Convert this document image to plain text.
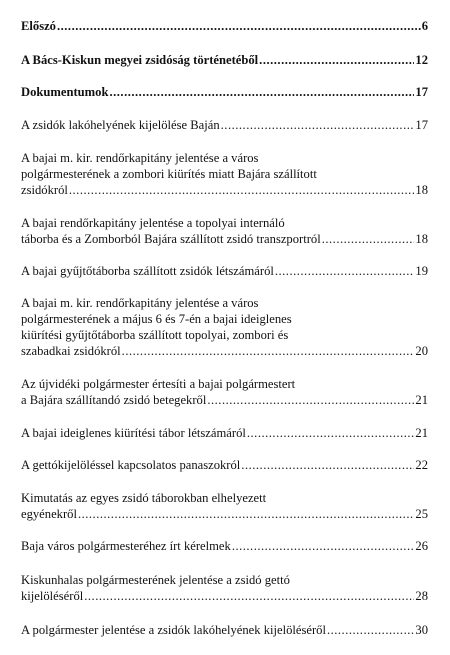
Előszó .....	6
A Bács-Kiskun megyei zsidóság történetéből .....	12
Dokumentumok .....	17
A zsidók lakóhelyének kijelölése Baján .....	17
A bajai m. kir. rendőrkapitány jelentése a város
polgármesterének a zombori kiürítés miatt Bajára szállított
zsidókról .....	18
A bajai rendőrkapitány jelentése a topolyai internáló
táborba és a Zomborból Bajára szállított zsidó transzportról .....	18
A bajai gyűjtőtáborba szállított zsidók létszámáról .....	19
A bajai m. kir. rendőrkapitány jelentése a város
polgármesterének a május 6 és 7-én a bajai ideiglenes
kiürítési gyűjtőtáborba szállított topolyai, zombori és
szabadkai zsidókról .....	20
Az újvidéki polgármester értesíti a bajai polgármestert
a Bajára szállítandó zsidó betegekről .....	21
A bajai ideiglenes kiürítési tábor létszámáról .....	21
A gettókijelöléssel kapcsolatos panaszokról .....	22
Kimutatás az egyes zsidó táborokban elhelyezett
egyénekről .....	25
Baja város polgármesteréhez írt kérelmek .....	26
Kiskunhalas polgármesterének jelentése a zsidó gettó
kijelöléséről .....	28
A polgármester jelentése a zsidók lakóhelyének kijelöléséről .....	30
